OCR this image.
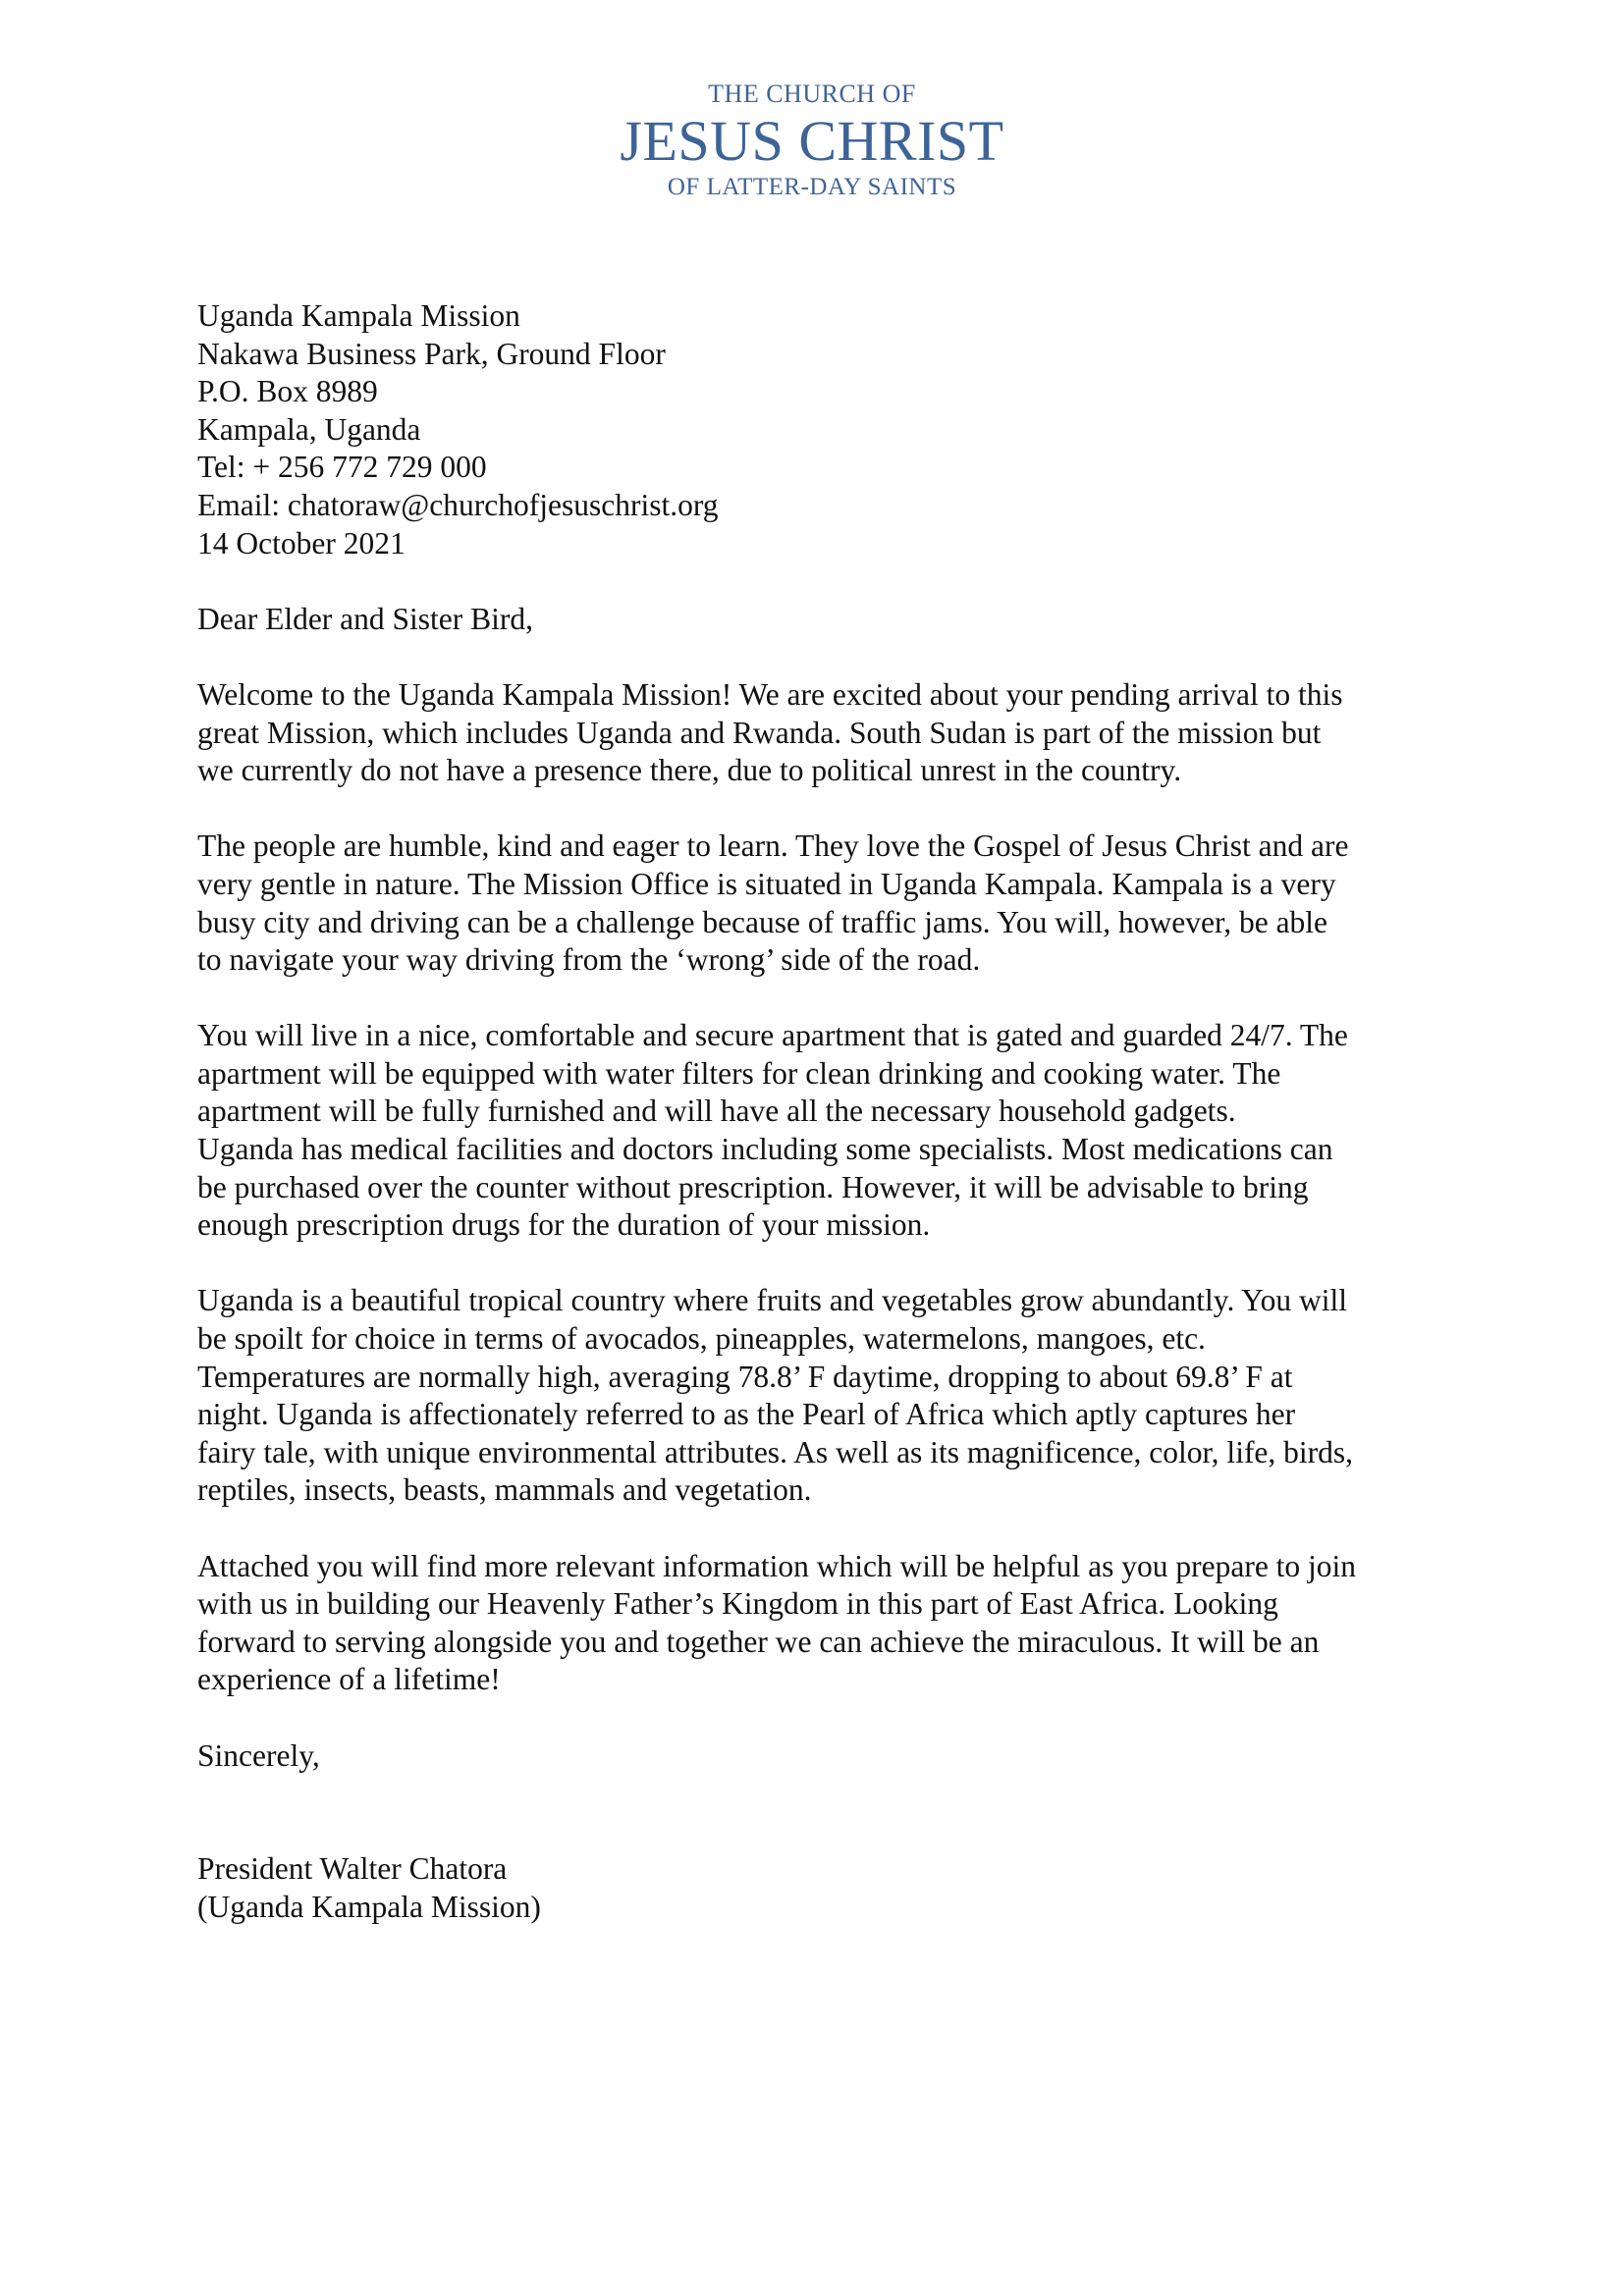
THE CHURCH OF
JESUS CHRIST
OF LATTER-DAY SAINTS
Uganda Kampala Mission
Nakawa Business Park, Ground Floor
P.O. Box 8989
Kampala, Uganda
Tel: + 256 772 729 000
Email: chatoraw@churchofjesuschrist.org
14 October 2021
Dear Elder and Sister Bird,
Welcome to the Uganda Kampala Mission! We are excited about your pending arrival to this
great Mission, which includes Uganda and Rwanda. South Sudan is part of the mission but
we currently do not have a presence there, due to political unrest in the country.
The people are humble, kind and eager to learn. They love the Gospel of Jesus Christ and are
very gentle in nature. The Mission Office is situated in Uganda Kampala. Kampala is a very
busy city and driving can be a challenge because of traffic jams. You will, however, be able
to navigate your way driving from the ‘wrong’ side of the road.
You will live in a nice, comfortable and secure apartment that is gated and guarded 24/7. The
apartment will be equipped with water filters for clean drinking and cooking water. The
apartment will be fully furnished and will have all the necessary household gadgets.
Uganda has medical facilities and doctors including some specialists. Most medications can
be purchased over the counter without prescription. However, it will be advisable to bring
enough prescription drugs for the duration of your mission.
Uganda is a beautiful tropical country where fruits and vegetables grow abundantly. You will
be spoilt for choice in terms of avocados, pineapples, watermelons, mangoes, etc.
Temperatures are normally high, averaging 78.8’ F daytime, dropping to about 69.8’ F at
night. Uganda is affectionately referred to as the Pearl of Africa which aptly captures her
fairy tale, with unique environmental attributes. As well as its magnificence, color, life, birds,
reptiles, insects, beasts, mammals and vegetation.
Attached you will find more relevant information which will be helpful as you prepare to join
with us in building our Heavenly Father’s Kingdom in this part of East Africa. Looking
forward to serving alongside you and together we can achieve the miraculous. It will be an
experience of a lifetime!
Sincerely,
President Walter Chatora
(Uganda Kampala Mission)
